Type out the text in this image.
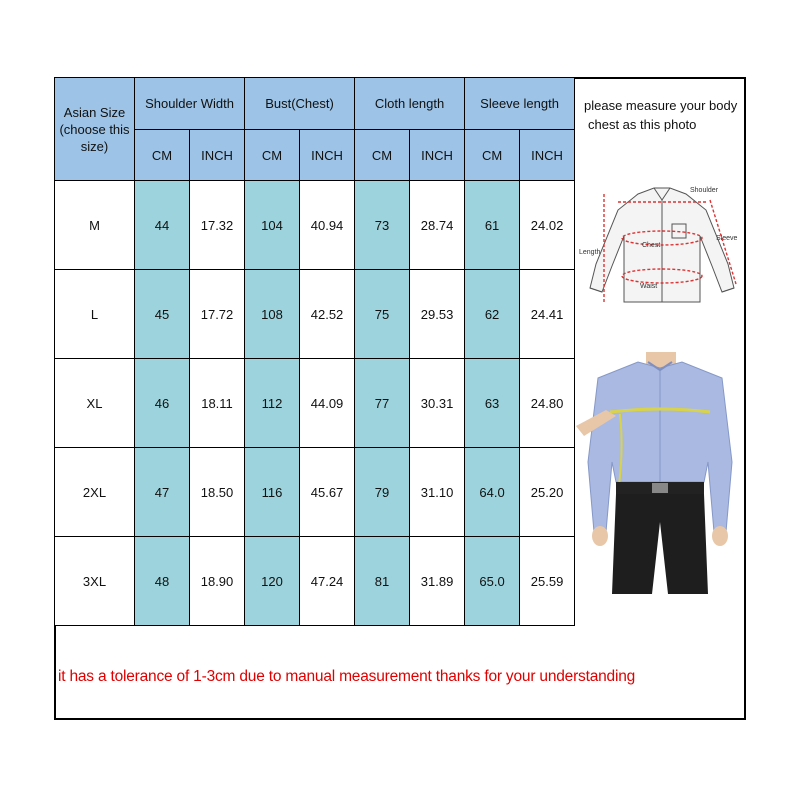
Asian Size
(choose this
size)	Shoulder Width		Bust(Chest)		Cloth length		Sleeve length	
	CM	INCH	CM	INCH	CM	INCH	CM	INCH
M	44	17.32	104	40.94	73	28.74	61	24.02
L	45	17.72	108	42.52	75	29.53	62	24.41
XL	46	18.11	112	44.09	77	30.31	63	24.80
2XL	47	18.50	116	45.67	79	31.10	64.0	25.20
3XL	48	18.90	120	47.24	81	31.89	65.0	25.59
please measure your body
chest as this photo
Shoulder
Sleeve
Length
Chest
Waist
it has a tolerance of 1-3cm due to manual measurement thanks for your understanding
